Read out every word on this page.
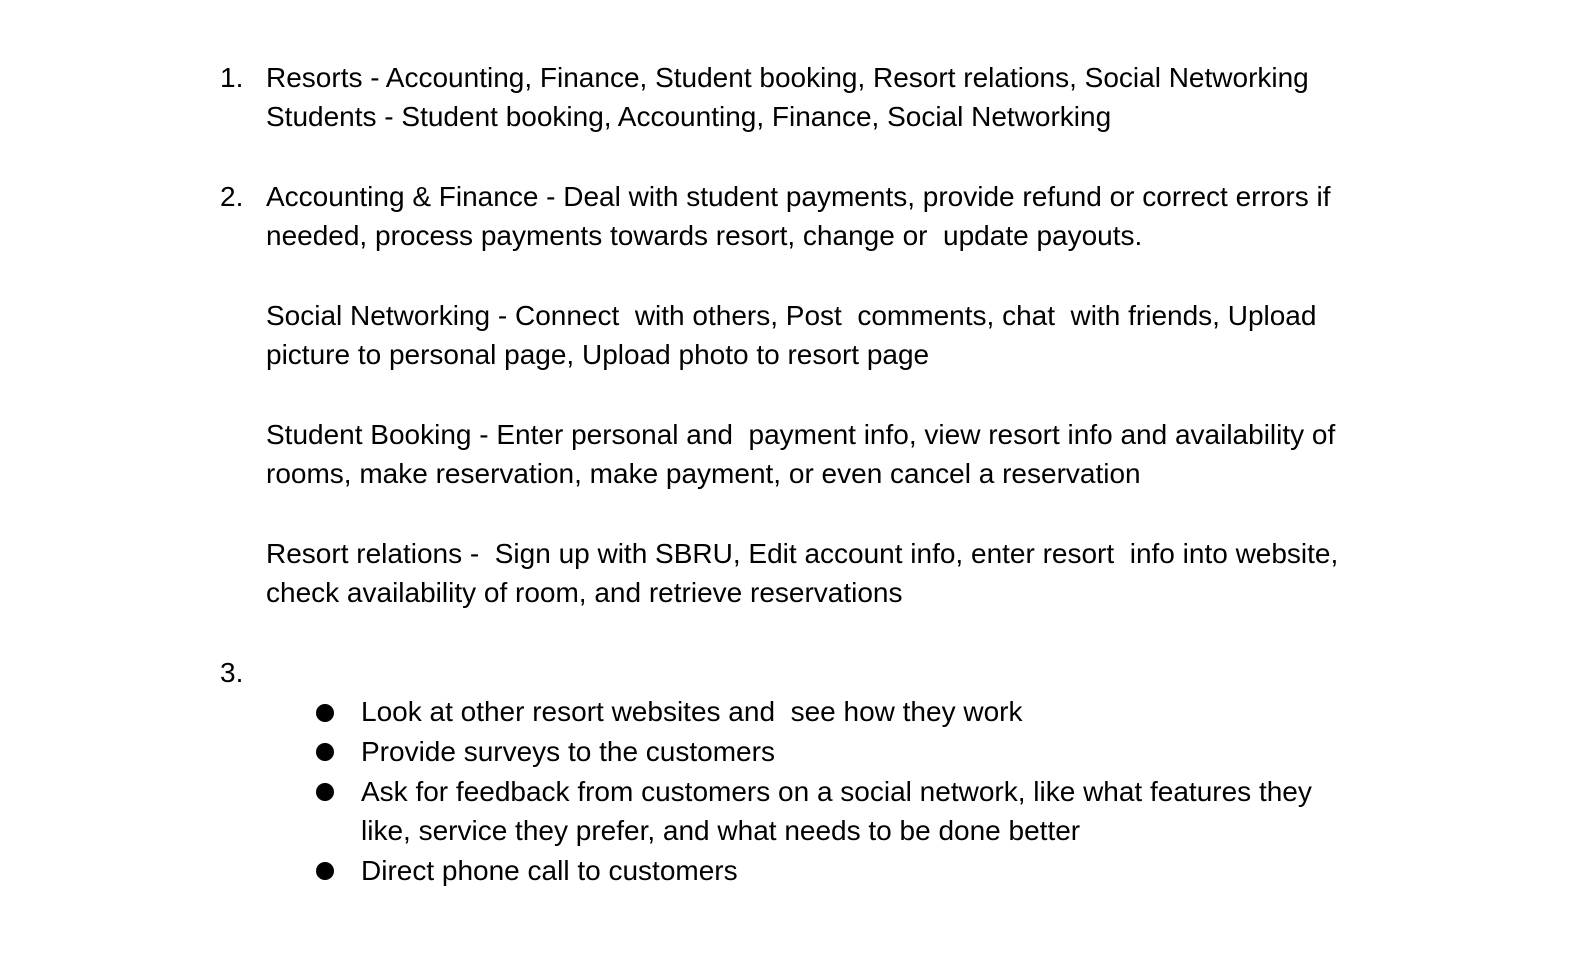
1. Resorts - Accounting, Finance, Student booking, Resort relations, Social Networking
Students - Student booking, Accounting, Finance, Social Networking
2. Accounting & Finance - Deal with student payments, provide refund or correct errors if
needed, process payments towards resort, change or  update payouts.
Social Networking - Connect  with others, Post  comments, chat  with friends, Upload
picture to personal page, Upload photo to resort page
Student Booking - Enter personal and  payment info, view resort info and availability of
rooms, make reservation, make payment, or even cancel a reservation
Resort relations -  Sign up with SBRU, Edit account info, enter resort  info into website,
check availability of room, and retrieve reservations
3.
Look at other resort websites and  see how they work
Provide surveys to the customers
Ask for feedback from customers on a social network, like what features they
like, service they prefer, and what needs to be done better
Direct phone call to customers
